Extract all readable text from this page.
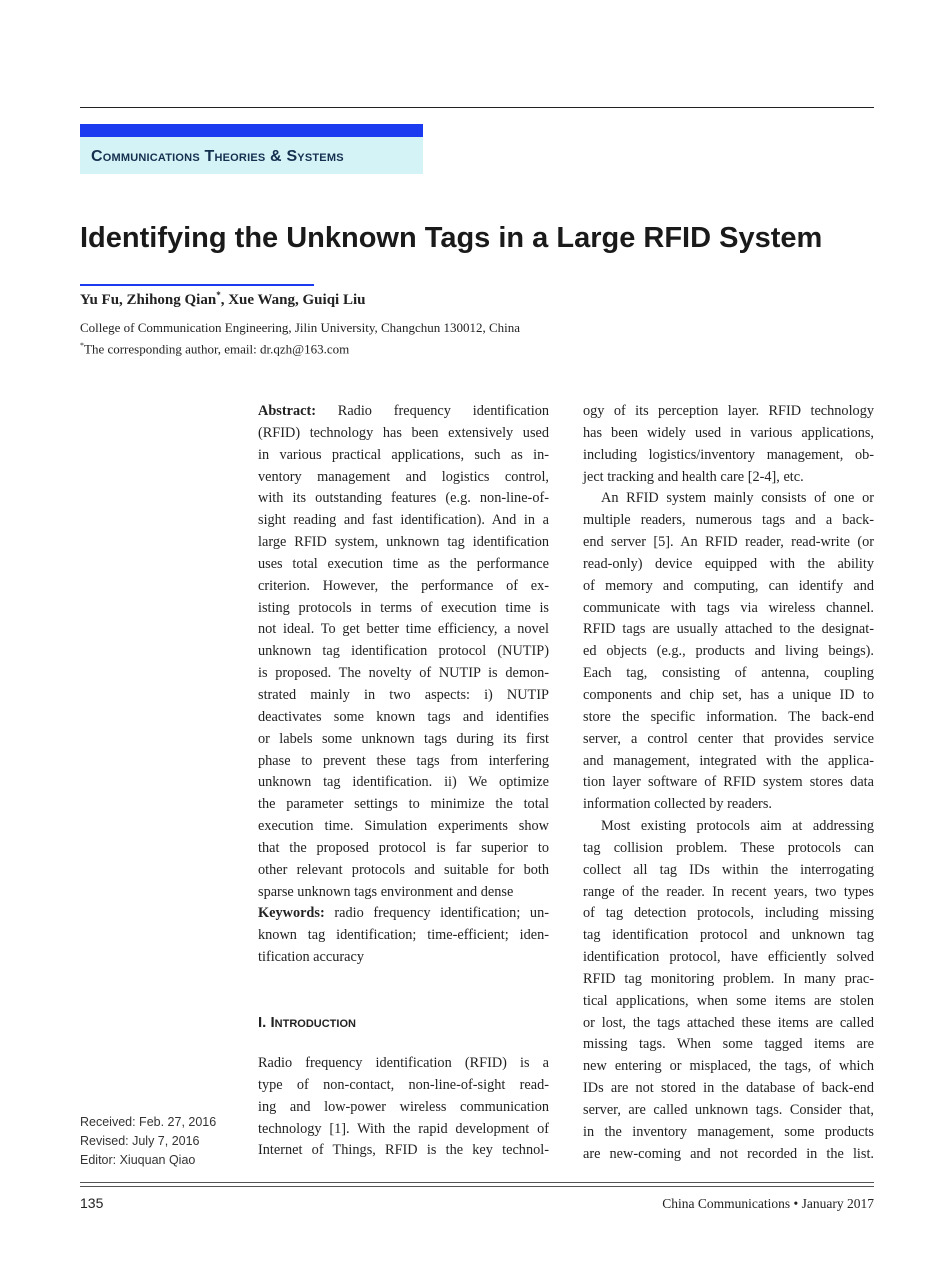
Communications Theories & Systems
Identifying the Unknown Tags in a Large RFID System
Yu Fu, Zhihong Qian*, Xue Wang, Guiqi Liu
College of Communication Engineering, Jilin University, Changchun 130012, China
*The corresponding author, email: dr.qzh@163.com
Abstract: Radio frequency identification
(RFID) technology has been extensively used
in various practical applications, such as in-
ventory management and logistics control,
with its outstanding features (e.g. non-line-of-
sight reading and fast identification). And in a
large RFID system, unknown tag identification
uses total execution time as the performance
criterion. However, the performance of ex-
isting protocols in terms of execution time is
not ideal. To get better time efficiency, a novel
unknown tag identification protocol (NUTIP)
is proposed. The novelty of NUTIP is demon-
strated mainly in two aspects: i) NUTIP
deactivates some known tags and identifies
or labels some unknown tags during its first
phase to prevent these tags from interfering
unknown tag identification. ii) We optimize
the parameter settings to minimize the total
execution time. Simulation experiments show
that the proposed protocol is far superior to
other relevant protocols and suitable for both
sparse unknown tags environment and dense
Keywords: radio frequency identification; un-
known tag identification; time-efficient; iden-
tification accuracy
I. Introduction
Radio frequency identification (RFID) is a
type of non-contact, non-line-of-sight read-
ing and low-power wireless communication
technology [1]. With the rapid development of
Internet of Things, RFID is the key technol-
ogy of its perception layer. RFID technology
has been widely used in various applications,
including logistics/inventory management, ob-
ject tracking and health care [2-4], etc.
An RFID system mainly consists of one or
multiple readers, numerous tags and a back-
end server [5]. An RFID reader, read-write (or
read-only) device equipped with the ability
of memory and computing, can identify and
communicate with tags via wireless channel.
RFID tags are usually attached to the designat-
ed objects (e.g., products and living beings).
Each tag, consisting of antenna, coupling
components and chip set, has a unique ID to
store the specific information. The back-end
server, a control center that provides service
and management, integrated with the applica-
tion layer software of RFID system stores data
information collected by readers.
Most existing protocols aim at addressing
tag collision problem. These protocols can
collect all tag IDs within the interrogating
range of the reader. In recent years, two types
of tag detection protocols, including missing
tag identification protocol and unknown tag
identification protocol, have efficiently solved
RFID tag monitoring problem. In many prac-
tical applications, when some items are stolen
or lost, the tags attached these items are called
missing tags. When some tagged items are
new entering or misplaced, the tags, of which
IDs are not stored in the database of back-end
server, are called unknown tags. Consider that,
in the inventory management, some products
are new-coming and not recorded in the list.
Received: Feb. 27, 2016
Revised: July 7, 2016
Editor: Xiuquan Qiao
135	China Communications • January 2017
